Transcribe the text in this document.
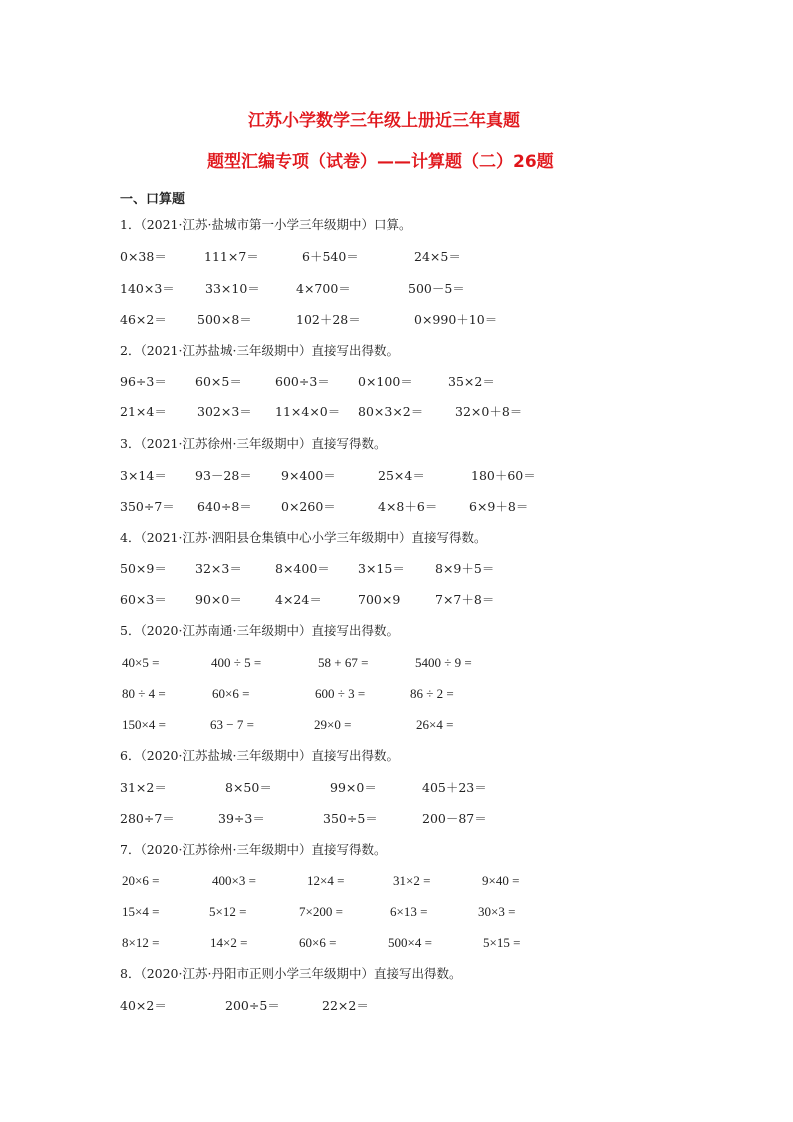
江苏小学数学三年级上册近三年真题
题型汇编专项（试卷）——计算题（二）26题
一、口算题
1．（2021·江苏·盐城市第一小学三年级期中）口算。
0×38＝	111×7＝	6＋540＝	24×5＝
140×3＝ 33×10＝	4×700＝	500－5＝
46×2＝ 500×8＝	102＋28＝	0×990＋10＝
2．（2021·江苏盐城·三年级期中）直接写出得数。
96÷3＝ 60×5＝	600÷3＝ 0×100＝	35×2＝
21×4＝ 302×3＝ 11×4×0＝ 80×3×2＝	32×0＋8＝
3．（2021·江苏徐州·三年级期中）直接写得数。
3×14＝ 93－28＝ 9×400＝	25×4＝	180＋60＝
350÷7＝ 640÷8＝ 0×260＝	4×8＋6＝	6×9＋8＝
4．（2021·江苏·泗阳县仓集镇中心小学三年级期中）直接写得数。
50×9＝ 32×3＝	8×400＝ 3×15＝ 8×9＋5＝
60×3＝ 90×0＝	4×24＝	700×9	7×7＋8＝
5．（2020·江苏南通·三年级期中）直接写出得数。
40×5 =	400 ÷ 5 =	58 + 67 =	5400 ÷ 9 =
80 ÷ 4 =	60×6 =	600 ÷ 3 =	86 ÷ 2 =
150×4 =	63 − 7 =	29×0 =	26×4 =
6．（2020·江苏盐城·三年级期中）直接写出得数。
31×2＝	8×50＝	99×0＝	405＋23＝
280÷7＝	39÷3＝	350÷5＝	200－87＝
7．（2020·江苏徐州·三年级期中）直接写得数。
20×6 =	400×3 =	12×4 =	31×2 =	9×40 =
15×4 =	5×12 =	7×200 =	6×13 =	30×3 =
8×12 =	14×2 =	60×6 =	500×4 =	5×15 =
8．（2020·江苏·丹阳市正则小学三年级期中）直接写出得数。
40×2＝	200÷5＝	22×2＝
